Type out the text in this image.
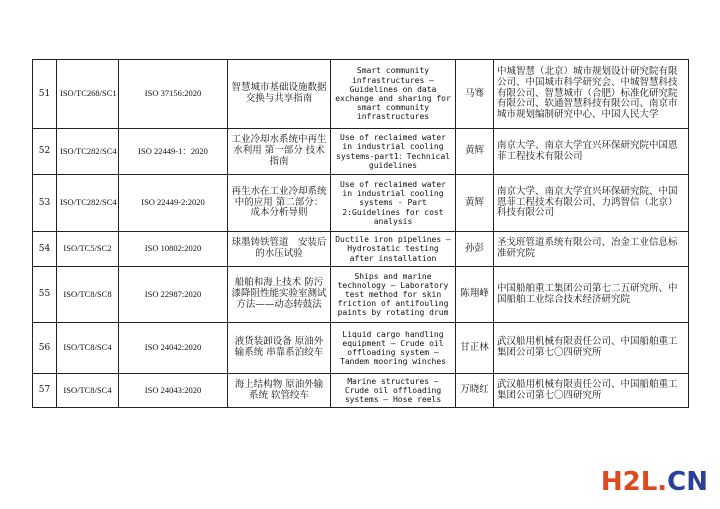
51	ISO/TC268/SC1	ISO 37156:2020	智慧城市基础设施数据交换与共享指南	Smart community infrastructures — Guidelines on data exchange and sharing for smart community infrastructures	马骞	中城智慧（北京）城市规划设计研究院有限公司、中国城市科学研究会、中城智慧科技有限公司、智慧城市（合肥）标准化研究院有限公司、软通智慧科技有限公司、南京市城市规划编制研究中心、中国人民大学
52	ISO/TC282/SC4	ISO 22449-1：2020	工业冷却水系统中再生水利用 第一部分 技术指南	Use of reclaimed water in industrial cooling systems-part1：Technical guidelines	黄辉	南京大学、南京大学宜兴环保研究院中国恩菲工程技术有限公司
53	ISO/TC282/SC4	ISO 22449-2:2020	再生水在工业冷却系统中的应用 第二部分：成本分析导则	Use of reclaimed water in industrial cooling systems - Part 2:Guidelines for cost analysis	黄辉	南京大学、南京大学宜兴环保研究院、中国恩菲工程技术有限公司、力鸿智信（北京）科技有限公司
54	ISO/TC5/SC2	ISO 10802:2020	球墨铸铁管道　安装后的水压试验	Ductile iron pipelines — Hydrostatic testing after installation	孙彭	圣戈班管道系统有限公司、冶金工业信息标准研究院
55	ISO/TC8/SC8	ISO 22987:2020	船舶和海上技术 防污漆降阻性能实验室测试方法——动态转鼓法	Ships and marine technology — Laboratory test method for skin friction of antifouling paints by rotating drum	陈翔峰	中国船舶重工集团公司第七二五研究所、中国船舶工业综合技术经济研究院
56	ISO/TC8/SC4	ISO 24042:2020	液货装卸设备 原油外输系统 串靠系泊绞车	Liquid cargo handling equipment — Crude oil offloading system —Tandem mooring winches	甘正林	武汉船用机械有限责任公司、中国船舶重工集团公司第七〇四研究所
57	ISO/TC8/SC4	ISO 24043:2020	海上结构物 原油外输系统 软管绞车	Marine structures — Crude oil offloading systems — Hose reels	万晓红	武汉船用机械有限责任公司、中国船舶重工集团公司第七〇四研究所
H2L.CN
